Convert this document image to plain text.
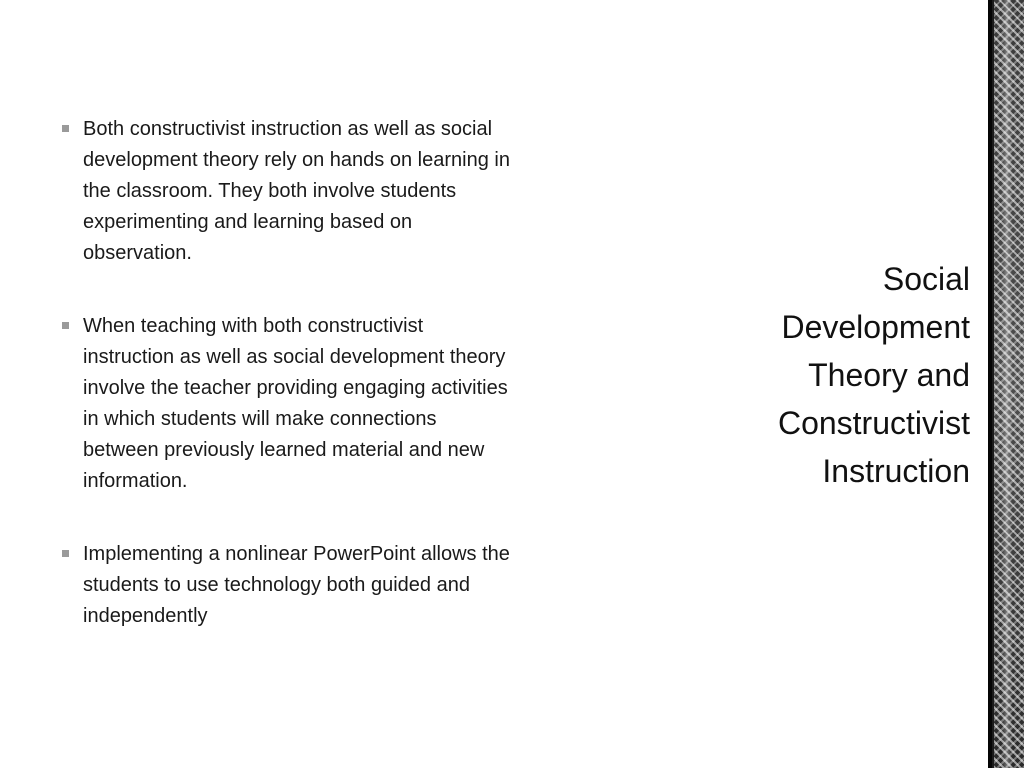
Both constructivist instruction as well as social development theory rely on hands on learning in the classroom. They both involve students experimenting and learning based on observation.
When teaching with both constructivist instruction as well as social development theory involve the teacher providing engaging activities in which students will make connections between previously learned material and new information.
Implementing a nonlinear PowerPoint allows the students to use technology both guided and independently
Social Development Theory and Constructivist Instruction
